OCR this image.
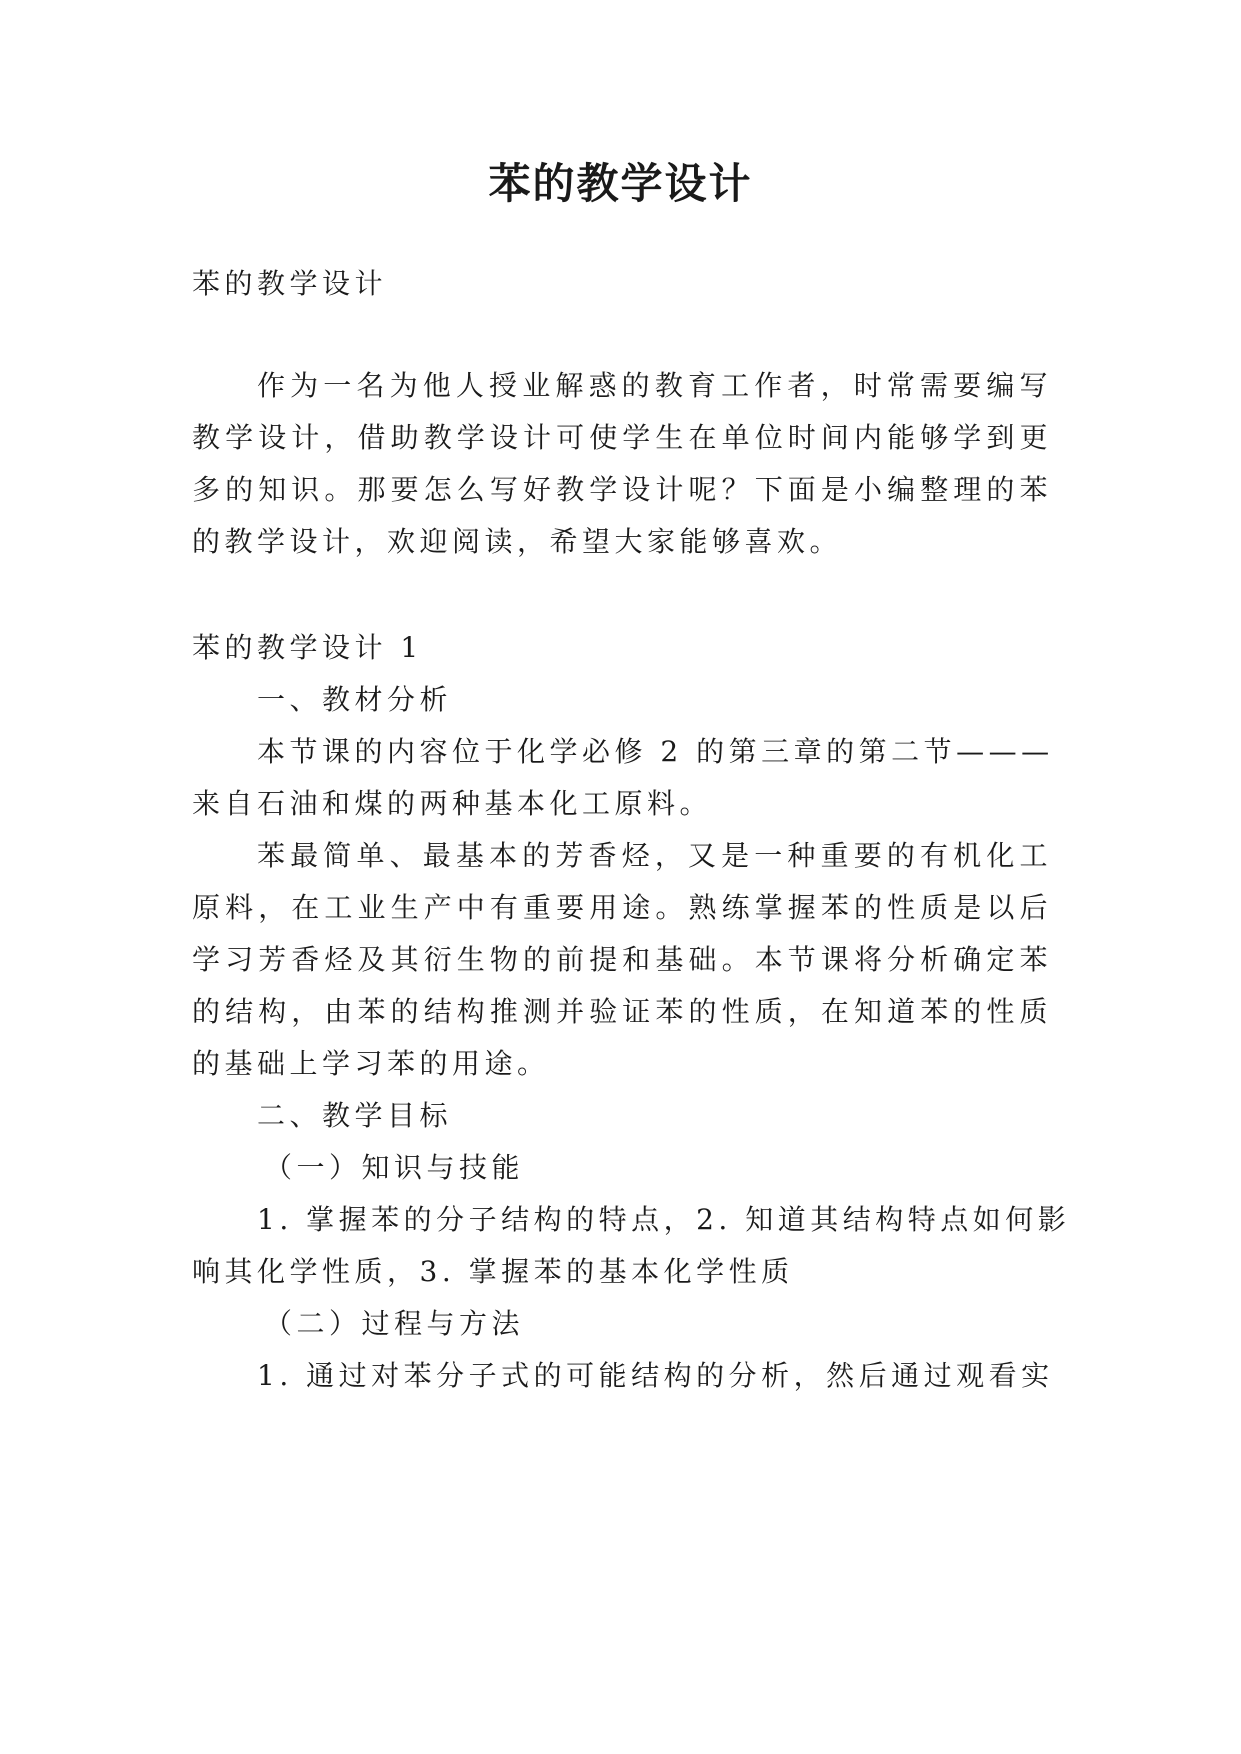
苯的教学设计
苯的教学设计
作为一名为他人授业解惑的教育工作者，时常需要编写
教学设计，借助教学设计可使学生在单位时间内能够学到更
多的知识。那要怎么写好教学设计呢？下面是小编整理的苯
的教学设计，欢迎阅读，希望大家能够喜欢。
苯的教学设计 1
一、教材分析
本节课的内容位于化学必修 2 的第三章的第二节———
来自石油和煤的两种基本化工原料。
苯最简单、最基本的芳香烃，又是一种重要的有机化工
原料，在工业生产中有重要用途。熟练掌握苯的性质是以后
学习芳香烃及其衍生物的前提和基础。本节课将分析确定苯
的结构，由苯的结构推测并验证苯的性质，在知道苯的性质
的基础上学习苯的用途。
二、教学目标
（一）知识与技能
1. 掌握苯的分子结构的特点，2. 知道其结构特点如何影
响其化学性质，3. 掌握苯的基本化学性质
（二）过程与方法
1. 通过对苯分子式的可能结构的分析，然后通过观看实
